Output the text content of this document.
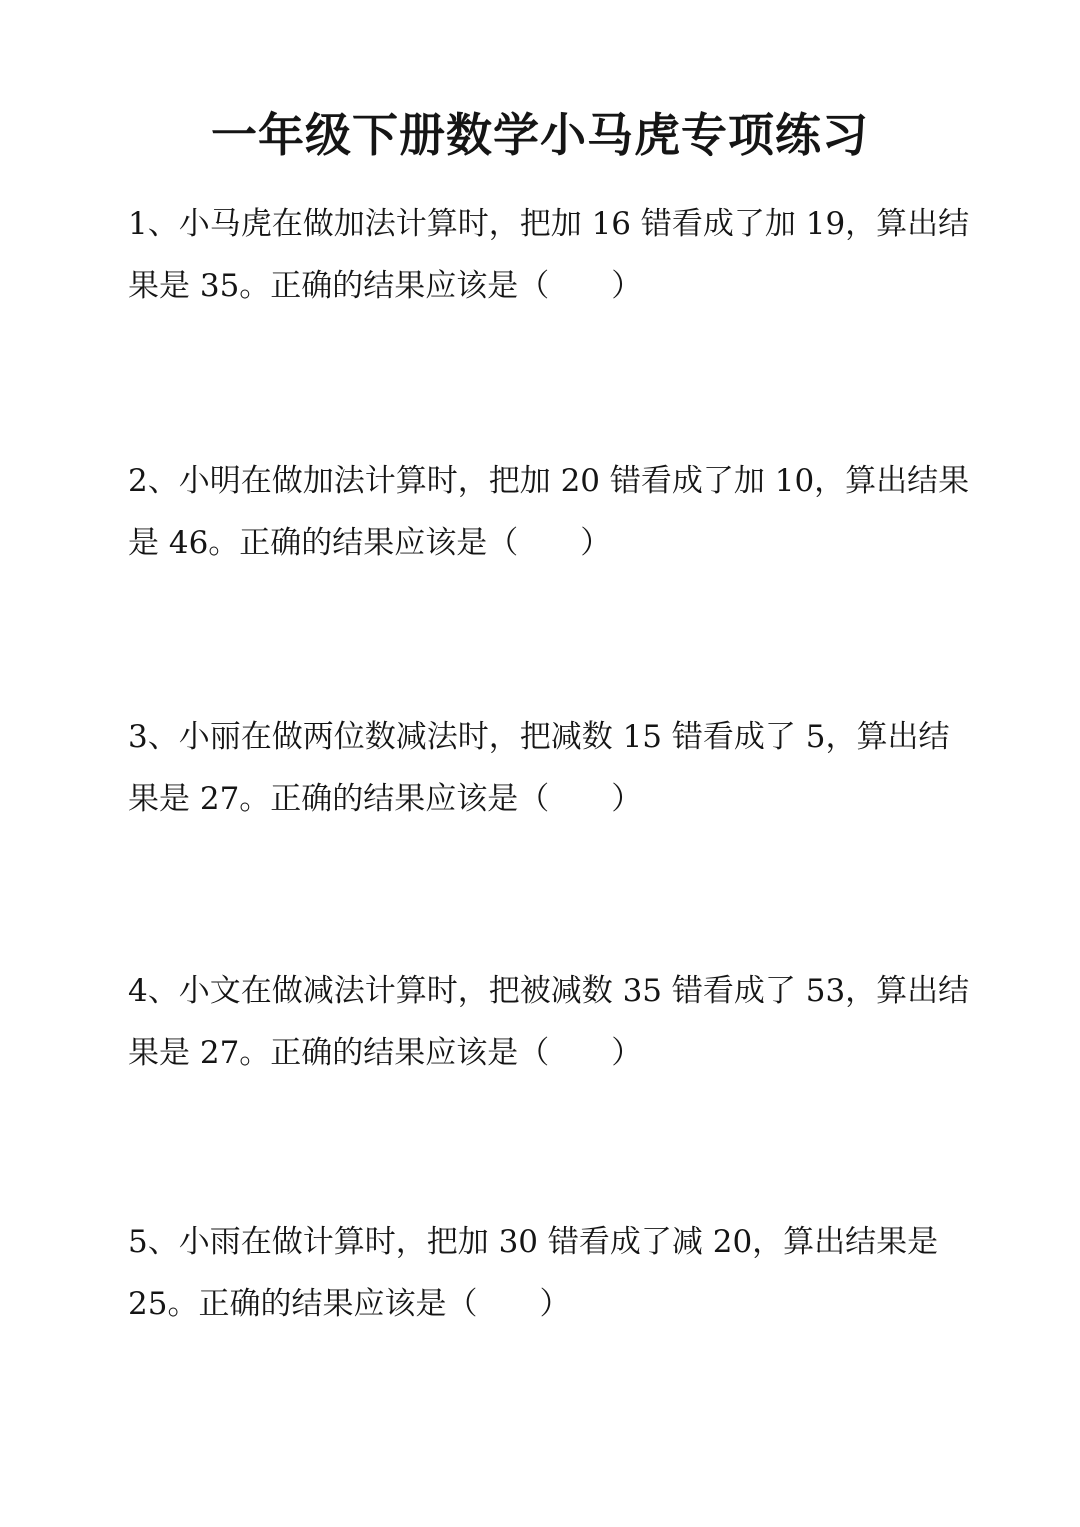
一年级下册数学小马虎专项练习
1、小马虎在做加法计算时，把加 16 错看成了加 19，算出结
果是 35。正确的结果应该是（　　）
2、小明在做加法计算时，把加 20 错看成了加 10，算出结果
是 46。正确的结果应该是（　　）
3、小丽在做两位数减法时，把减数 15 错看成了 5，算出结
果是 27。正确的结果应该是（　　）
4、小文在做减法计算时，把被减数 35 错看成了 53，算出结
果是 27。正确的结果应该是（　　）
5、小雨在做计算时，把加 30 错看成了减 20，算出结果是
25。正确的结果应该是（　　）
